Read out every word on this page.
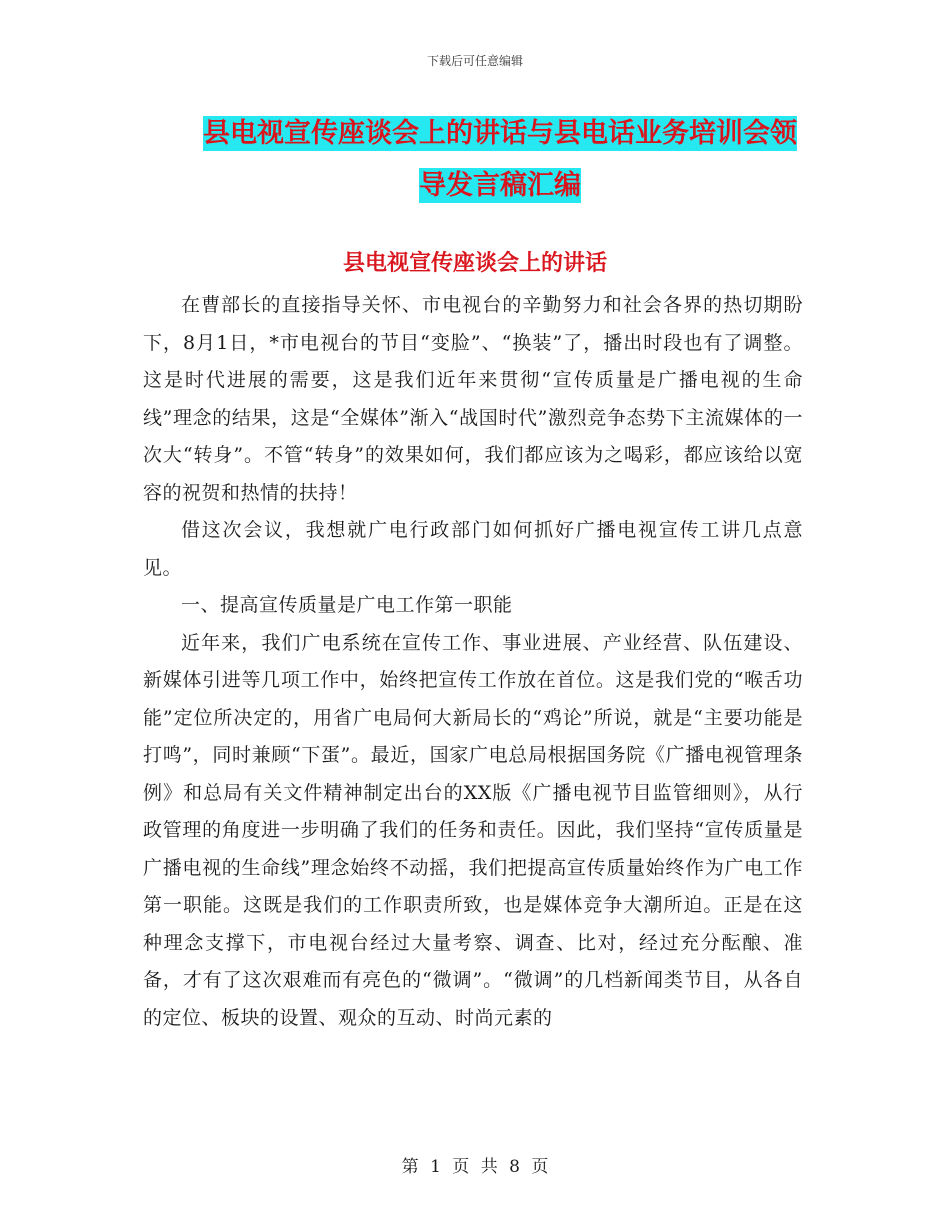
下载后可任意编辑
县电视宣传座谈会上的讲话与县电话业务培训会领导发言稿汇编
县电视宣传座谈会上的讲话

在曹部长的直接指导关怀、市电视台的辛勤努力和社会各界的热切期盼下，8月1日，*市电视台的节目“变脸”、“换装”了，播出时段也有了调整。这是时代进展的需要，这是我们近年来贯彻“宣传质量是广播电视的生命线”理念的结果，这是“全媒体”渐入“战国时代”激烈竞争态势下主流媒体的一次大“转身”。不管“转身”的效果如何，我们都应该为之喝彩，都应该给以宽容的祝贺和热情的扶持！

借这次会议，我想就广电行政部门如何抓好广播电视宣传工讲几点意见。

一、提高宣传质量是广电工作第一职能

近年来，我们广电系统在宣传工作、事业进展、产业经营、队伍建设、新媒体引进等几项工作中，始终把宣传工作放在首位。这是我们党的“喉舌功能”定位所决定的，用省广电局何大新局长的“鸡论”所说，就是“主要功能是打鸣”，同时兼顾“下蛋”。最近，国家广电总局根据国务院《广播电视管理条例》和总局有关文件精神制定出台的XX版《广播电视节目监管细则》，从行政管理的角度进一步明确了我们的任务和责任。因此，我们坚持“宣传质量是广播电视的生命线”理念始终不动摇，我们把提高宣传质量始终作为广电工作第一职能。这既是我们的工作职责所致，也是媒体竞争大潮所迫。正是在这种理念支撑下，市电视台经过大量考察、调查、比对，经过充分酝酿、准备，才有了这次艰难而有亮色的“微调”。“微调”的几档新闻类节目，从各自的定位、板块的设置、观众的互动、时尚元素的

第 1 页 共 8 页
